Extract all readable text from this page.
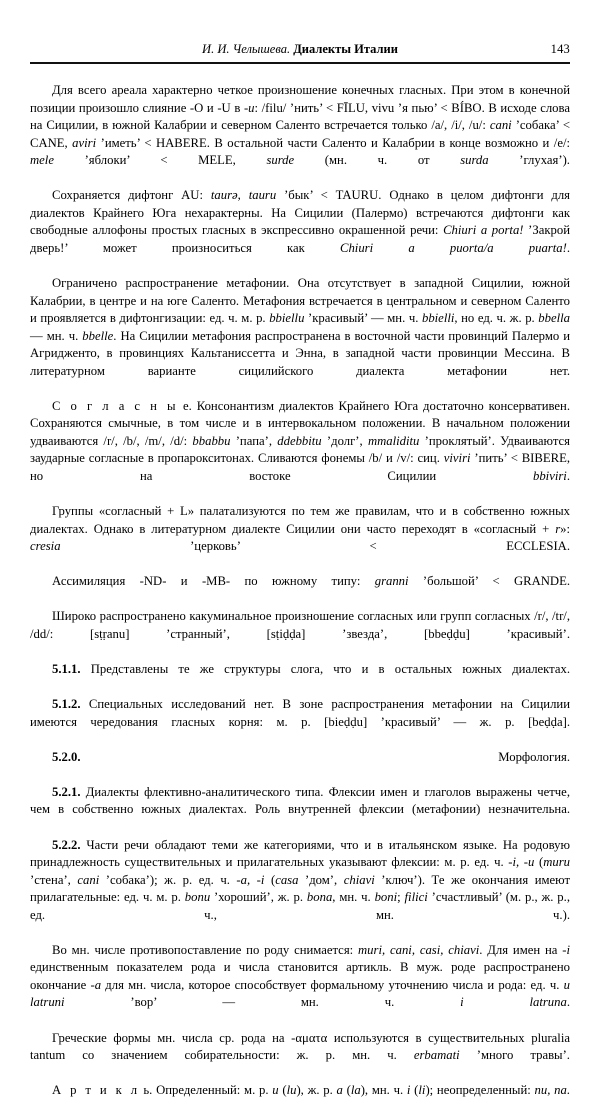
И. И. Челышева. Диалекты Италии	143

Для всего ареала характерно четкое произношение конечных гласных. При этом в конечной позиции произошло слияние -O и -U в -u: /filu/ ’нить’ < FĪLU, vivu ’я пью’ < BÍBO. В исходе слова на Сицилии, в южной Калабрии и северном Саленто встречается только /a/, /i/, /u/: cani ’собака’ < CANE, aviri ’иметь’ < HABERE. В остальной части Саленто и Калабрии в конце возможно и /e/: mele ’яблоки’ < MELE, surde (мн. ч. от surda ’глухая’).

Сохраняется дифтонг AU: taurə, tauru ’бык’ < TAURU. Однако в целом дифтонги для диалектов Крайнего Юга нехарактерны. На Сицилии (Палермо) встречаются дифтонги как свободные аллофоны простых гласных в экспрессивно окрашенной речи: Chiuri a porta! ’Закрой дверь!’ может произноситься как Chiuri a puorta/a puarta!.

Ограничено распространение метафонии. Она отсутствует в западной Сицилии, южной Калабрии, в центре и на юге Саленто. Метафония встречается в центральном и северном Саленто и проявляется в дифтонгизации: ед. ч. м. р. bbiellu ’красивый’ — мн. ч. bbielli, но ед. ч. ж. р. bbella — мн. ч. bbelle. На Сицилии метафония распространена в восточной части провинций Палермо и Агридженто, в провинциях Кальтаниссетта и Энна, в западной части провинции Мессина. В литературном варианте сицилийского диалекта метафонии нет.

С о г л а с н ы е. Консонантизм диалектов Крайнего Юга достаточно консервативен. Сохраняются смычные, в том числе и в интервокальном положении. В начальном положении удваиваются /r/, /b/, /m/, /d/: bbabbu ’папа’, ddebbitu ’долг’, mmaliditu ’проклятый’. Удваиваются заударные согласные в пропарокситонах. Сливаются фонемы /b/ и /v/: сиц. viviri ’пить’ < BIBERE, но на востоке Сицилии bbiviri.

Группы «согласный + L» палатализуются по тем же правилам, что и в собственно южных диалектах. Однако в литературном диалекте Сицилии они часто переходят в «согласный + r»: cresia ’церковь’ < ECCLESIA.

Ассимиляция -ND- и -MB- по южному типу: granni ’большой’ < GRANDE.

Широко распространено какуминальное произношение согласных или групп согласных /r/, /tr/, /dd/: [sṭṛanu] ’странный’, [sṭiḍḍa] ’звезда’, [bbeḍḍu] ’красивый’.

5.1.1. Представлены те же структуры слога, что и в остальных южных диалектах.

5.1.2. Специальных исследований нет. В зоне распространения метафонии на Сицилии имеются чередования гласных корня: м. р. [bieḍḍu] ’красивый’ — ж. р. [beḍḍa].

5.2.0. Морфология.

5.2.1. Диалекты флективно-аналитического типа. Флексии имен и глаголов выражены четче, чем в собственно южных диалектах. Роль внутренней флексии (метафонии) незначительна.

5.2.2. Части речи обладают теми же категориями, что и в итальянском языке. На родовую принадлежность существительных и прилагательных указывают флексии: м. р. ед. ч. -i, -u (muru ’стена’, cani ’собака’); ж. р. ед. ч. -a, -i (casa ’дом’, chiavi ’ключ’). Те же окончания имеют прилагательные: ед. ч. м. р. bonu ’хороший’, ж. р. bona, мн. ч. boni; filici ’счастливый’ (м. р., ж. р., ед. ч., мн. ч.).

Во мн. числе противопоставление по роду снимается: muri, cani, casi, chiavi. Для имен на -i единственным показателем рода и числа становится артикль. В муж. роде распространено окончание -a для мн. числа, которое способствует формальному уточнению числа и рода: ед. ч. u latruni ’вор’ — мн. ч. i latruna.

Греческие формы мн. числа ср. рода на -αματα используются в существительных pluralia tantum со значением собирательности: ж. р. мн. ч. erbamati ’много травы’.

А р т и к л ь. Определенный: м. р. u (lu), ж. р. a (la), мн. ч. i (li); неопределенный: nu, na.
